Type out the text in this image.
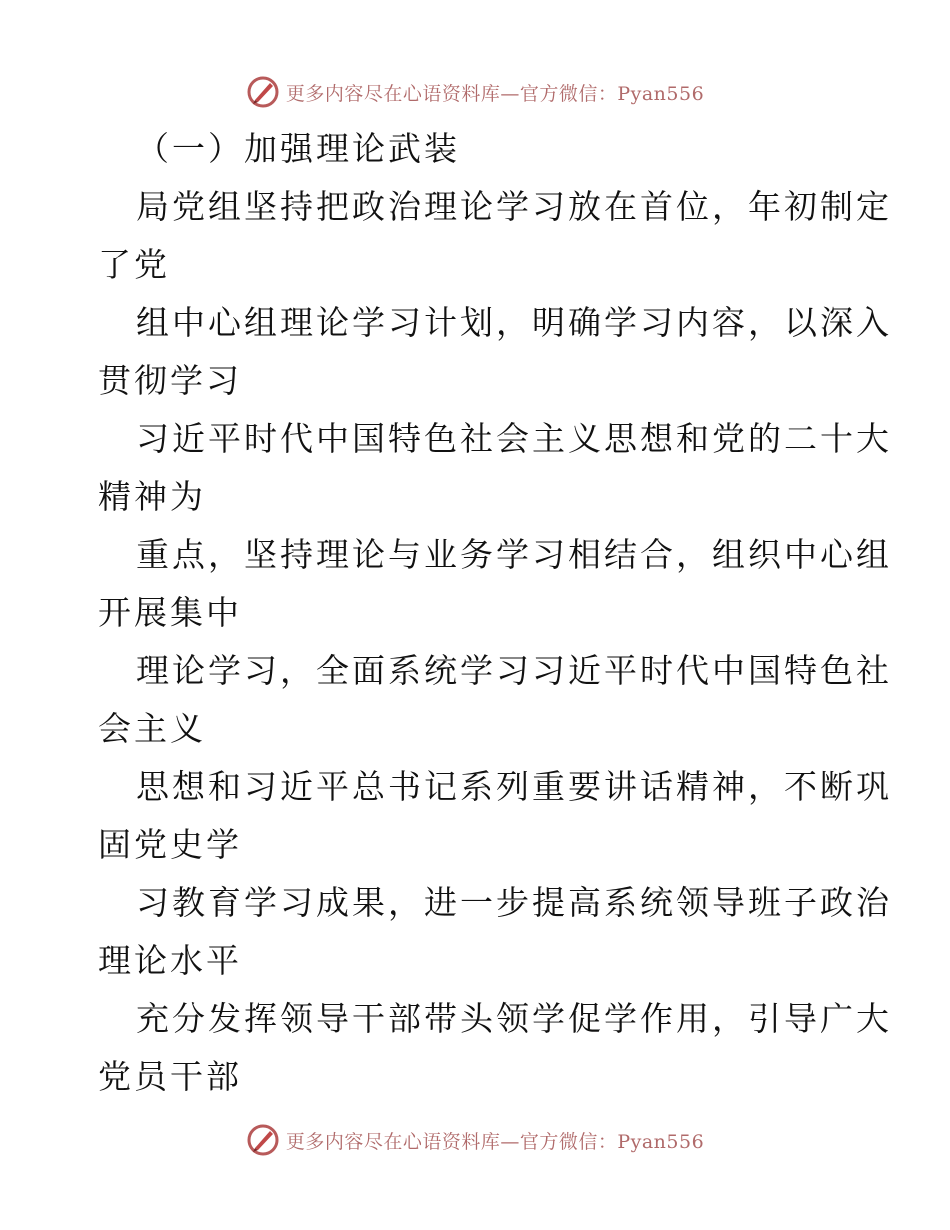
更多内容尽在心语资料库—官方微信：Pyan556
（一）加强理论武装
局党组坚持把政治理论学习放在首位，年初制定
了党
组中心组理论学习计划，明确学习内容，以深入
贯彻学习
习近平时代中国特色社会主义思想和党的二十大
精神为
重点，坚持理论与业务学习相结合，组织中心组
开展集中
理论学习，全面系统学习习近平时代中国特色社
会主义
思想和习近平总书记系列重要讲话精神，不断巩
固党史学
习教育学习成果，进一步提高系统领导班子政治
理论水平
充分发挥领导干部带头领学促学作用，引导广大
党员干部
更多内容尽在心语资料库—官方微信：Pyan556
